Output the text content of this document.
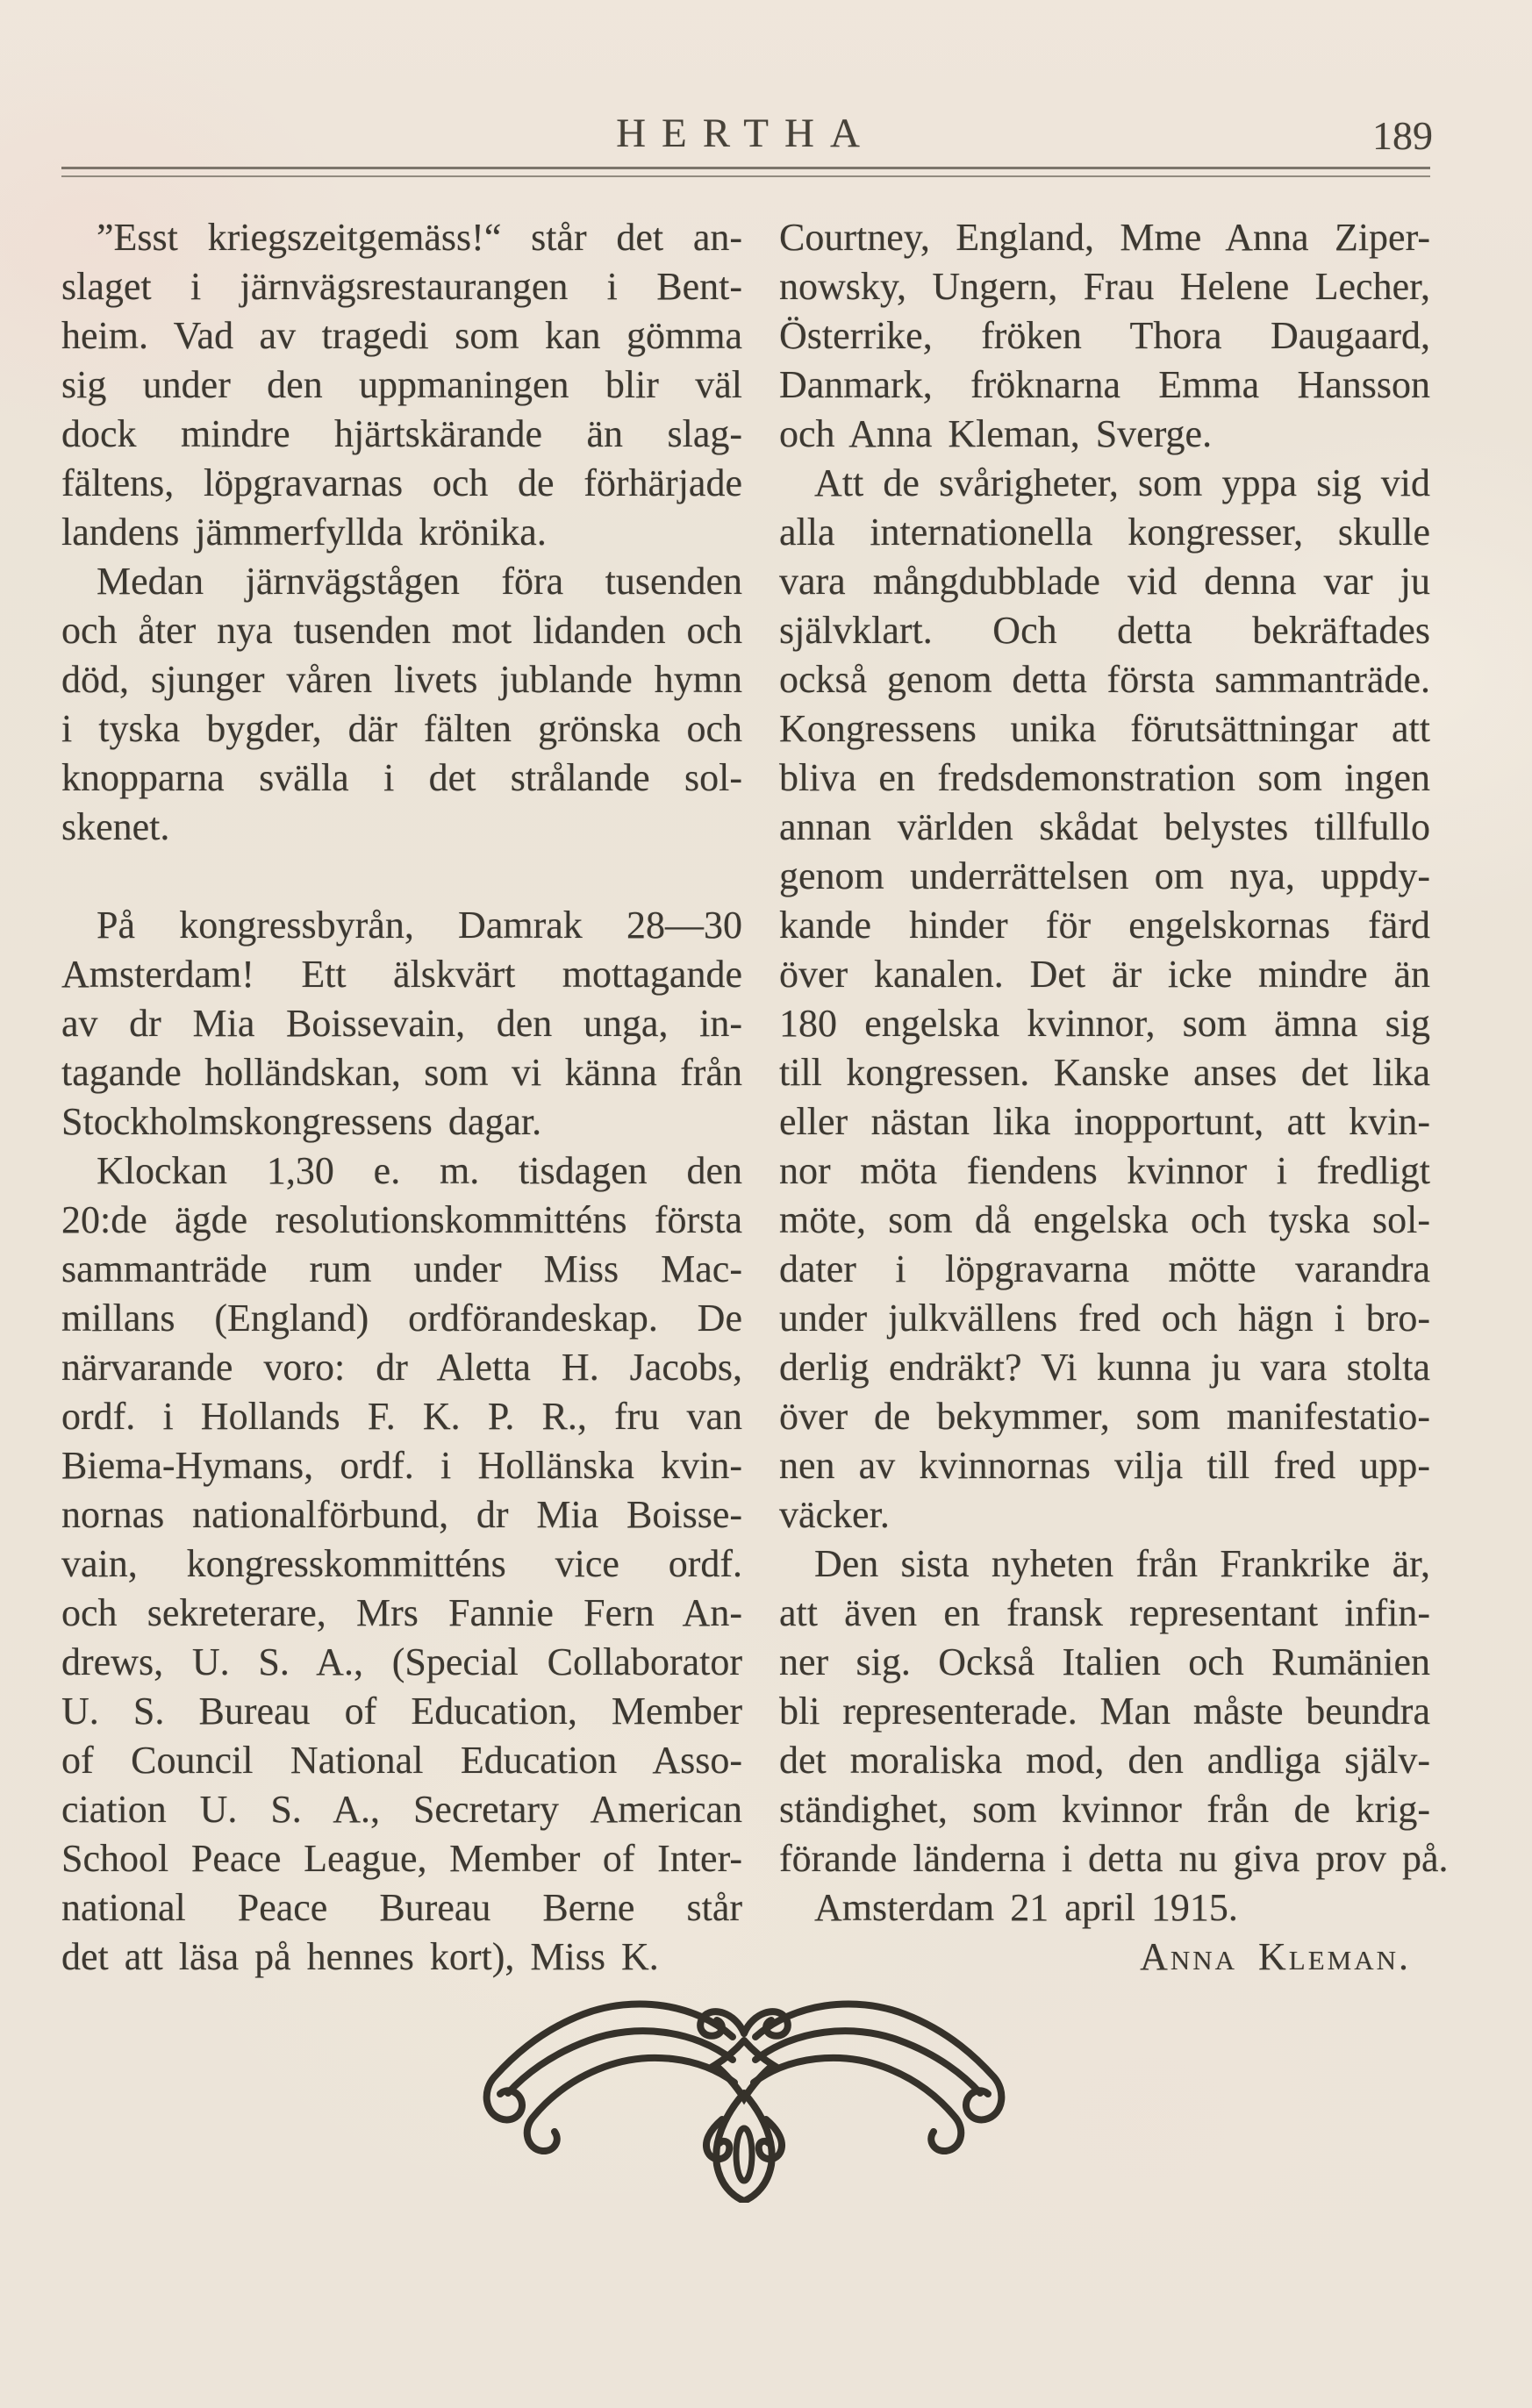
HERTHA	189
”Esst kriegszeitgemäss!“ står det an-
slaget i järnvägsrestaurangen i Bent-
heim. Vad av tragedi som kan gömma
sig under den uppmaningen blir väl
dock mindre hjärtskärande än slag-
fältens, löpgravarnas och de förhärjade
landens jämmerfyllda krönika.
Medan järnvägstågen föra tusenden
och åter nya tusenden mot lidanden och
död, sjunger våren livets jublande hymn
i tyska bygder, där fälten grönska och
knopparna svälla i det strålande sol-
skenet.
På kongressbyrån, Damrak 28—30
Amsterdam! Ett älskvärt mottagande
av dr Mia Boissevain, den unga, in-
tagande holländskan, som vi känna från
Stockholmskongressens dagar.
Klockan 1,30 e. m. tisdagen den
20:de ägde resolutionskommitténs första
sammanträde rum under Miss Mac-
millans (England) ordförandeskap. De
närvarande voro: dr Aletta H. Jacobs,
ordf. i Hollands F. K. P. R., fru van
Biema-Hymans, ordf. i Hollänska kvin-
nornas nationalförbund, dr Mia Boisse-
vain, kongresskommitténs vice ordf.
och sekreterare, Mrs Fannie Fern An-
drews, U. S. A., (Special Collaborator
U. S. Bureau of Education, Member
of Council National Education Asso-
ciation U. S. A., Secretary American
School Peace League, Member of Inter-
national Peace Bureau Berne står
det att läsa på hennes kort), Miss K.
Courtney, England, Mme Anna Ziper-
nowsky, Ungern, Frau Helene Lecher,
Österrike, fröken Thora Daugaard,
Danmark, fröknarna Emma Hansson
och Anna Kleman, Sverge.
Att de svårigheter, som yppa sig vid
alla internationella kongresser, skulle
vara mångdubblade vid denna var ju
självklart. Och detta bekräftades
också genom detta första sammanträde.
Kongressens unika förutsättningar att
bliva en fredsdemonstration som ingen
annan världen skådat belystes tillfullo
genom underrättelsen om nya, uppdy-
kande hinder för engelskornas färd
över kanalen. Det är icke mindre än
180 engelska kvinnor, som ämna sig
till kongressen. Kanske anses det lika
eller nästan lika inopportunt, att kvin-
nor möta fiendens kvinnor i fredligt
möte, som då engelska och tyska sol-
dater i löpgravarna mötte varandra
under julkvällens fred och hägn i bro-
derlig endräkt? Vi kunna ju vara stolta
över de bekymmer, som manifestatio-
nen av kvinnornas vilja till fred upp-
väcker.
Den sista nyheten från Frankrike är,
att även en fransk representant infin-
ner sig. Också Italien och Rumänien
bli representerade. Man måste beundra
det moraliska mod, den andliga själv-
ständighet, som kvinnor från de krig-
förande länderna i detta nu giva prov på.
Amsterdam 21 april 1915.
Anna Kleman.
